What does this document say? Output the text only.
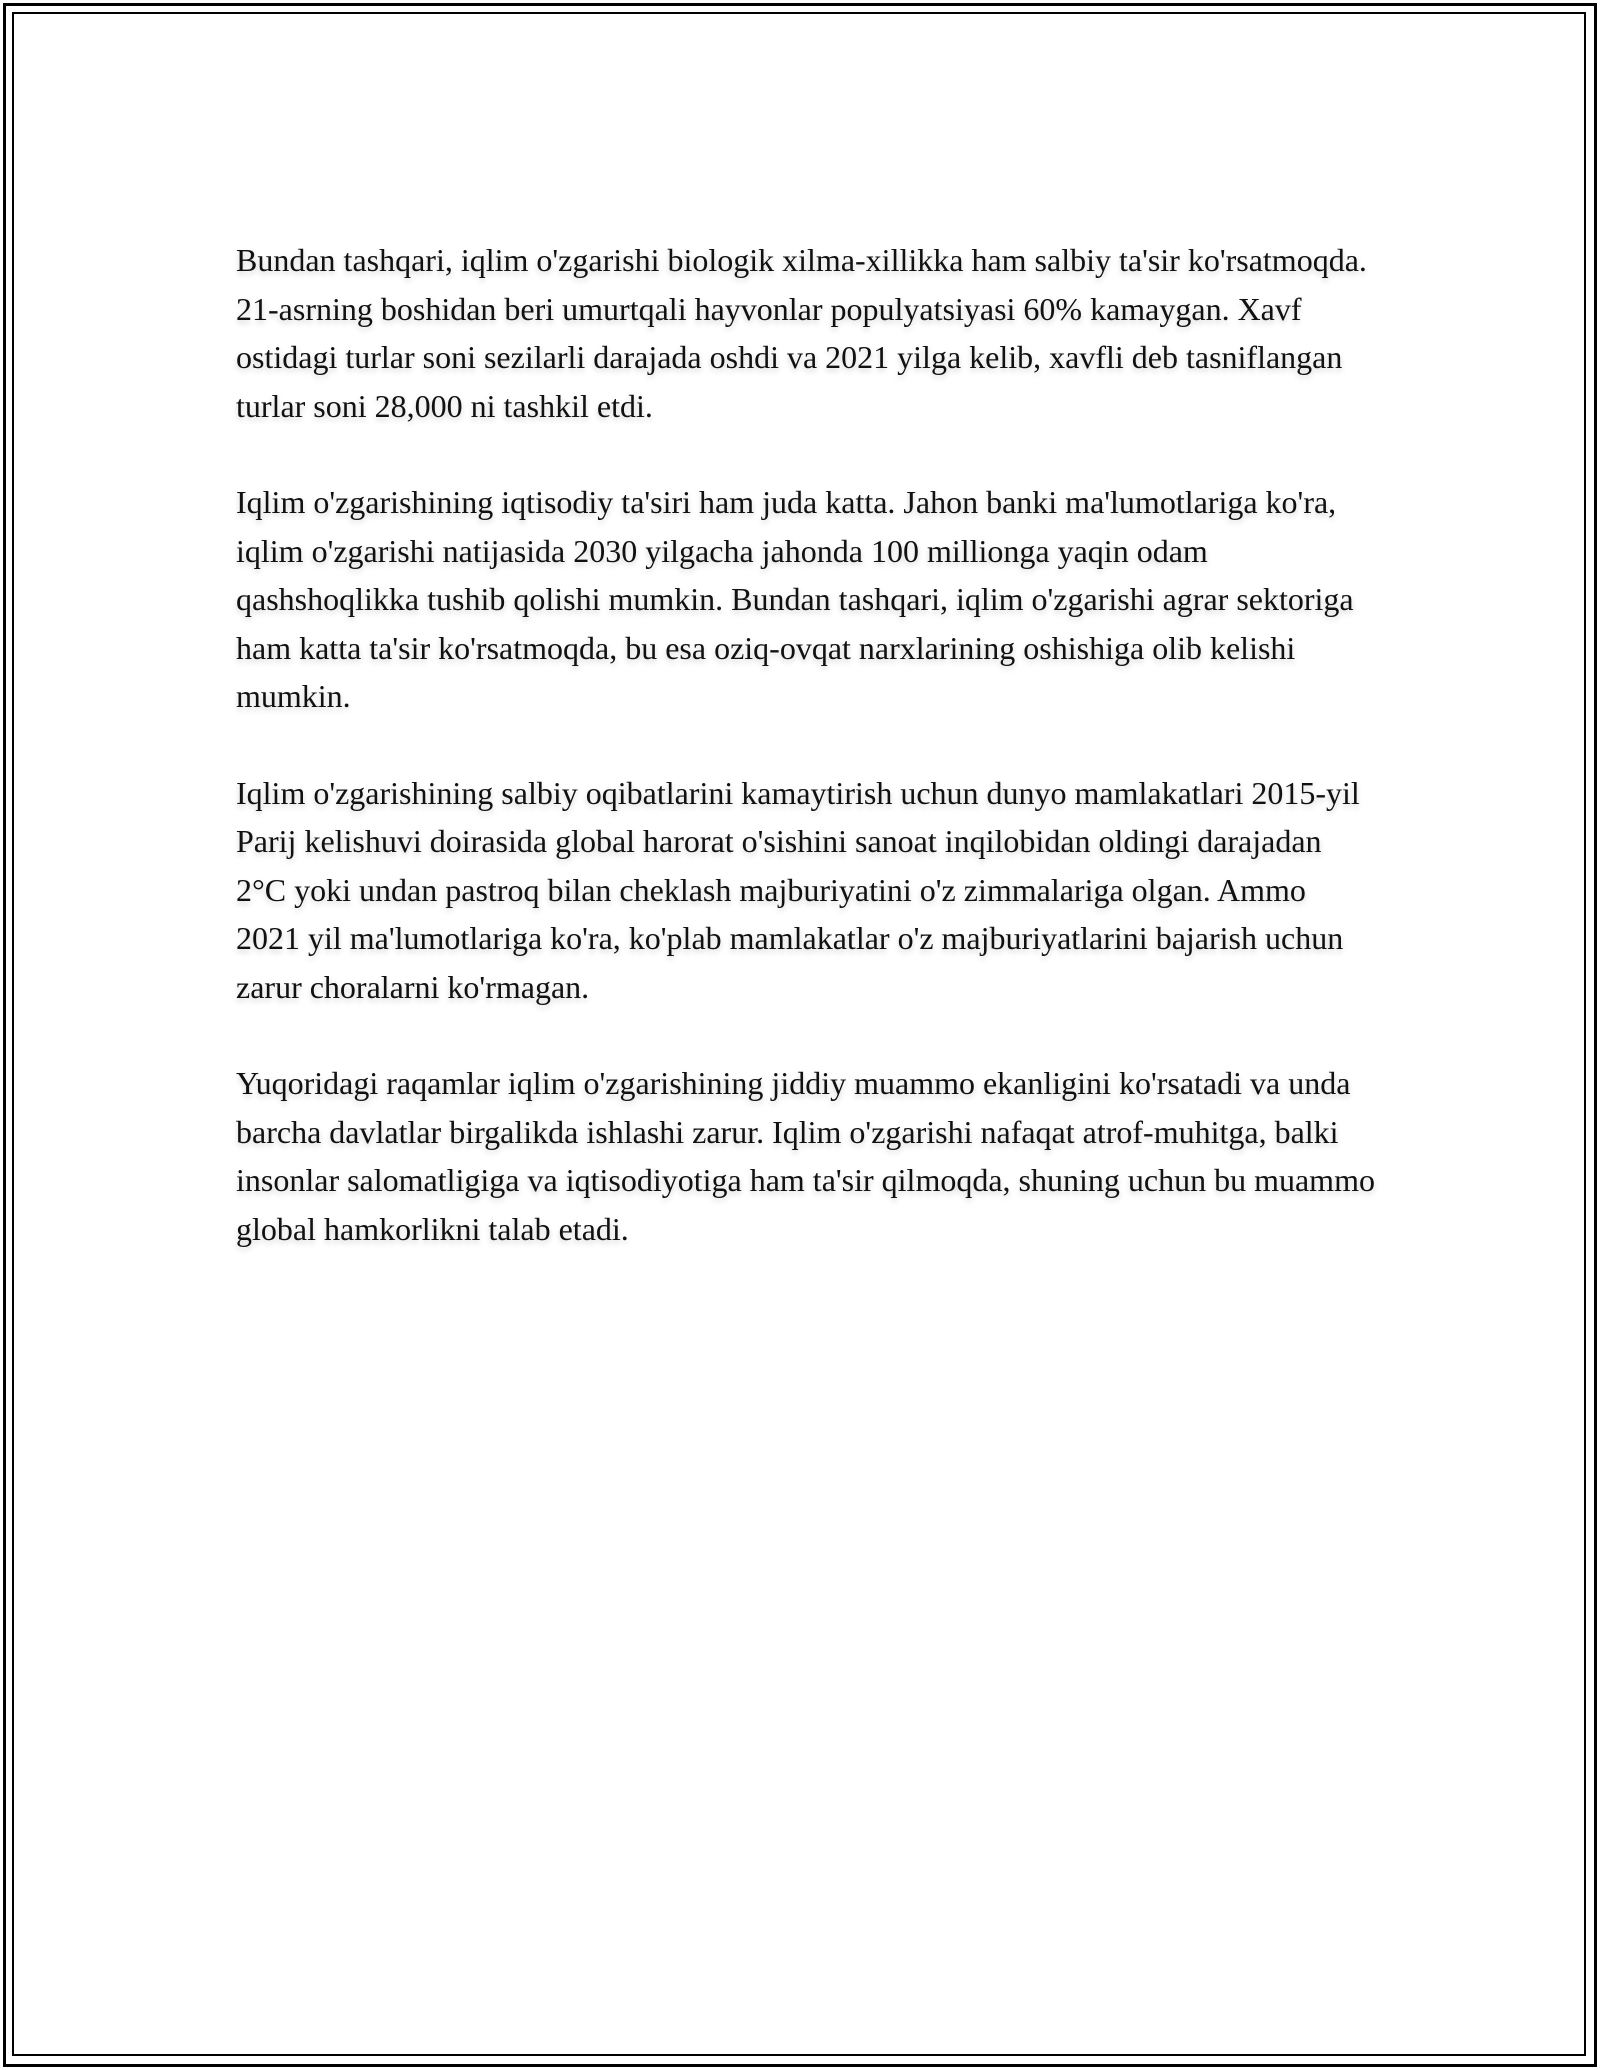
Bundan tashqari, iqlim o'zgarishi biologik xilma-xillikka ham salbiy ta'sir ko'rsatmoqda. 21-asrning boshidan beri umurtqali hayvonlar populyatsiyasi 60% kamaygan. Xavf ostidagi turlar soni sezilarli darajada oshdi va 2021 yilga kelib, xavfli deb tasniflangan turlar soni 28,000 ni tashkil etdi.

Iqlim o'zgarishining iqtisodiy ta'siri ham juda katta. Jahon banki ma'lumotlariga ko'ra, iqlim o'zgarishi natijasida 2030 yilgacha jahonda 100 millionga yaqin odam qashshoqlikka tushib qolishi mumkin. Bundan tashqari, iqlim o'zgarishi agrar sektoriga ham katta ta'sir ko'rsatmoqda, bu esa oziq-ovqat narxlarining oshishiga olib kelishi mumkin.

Iqlim o'zgarishining salbiy oqibatlarini kamaytirish uchun dunyo mamlakatlari 2015-yil Parij kelishuvi doirasida global harorat o'sishini sanoat inqilobidan oldingi darajadan 2°C yoki undan pastroq bilan cheklash majburiyatini o'z zimmalariga olgan. Ammo 2021 yil ma'lumotlariga ko'ra, ko'plab mamlakatlar o'z majburiyatlarini bajarish uchun zarur choralarni ko'rmagan.

Yuqoridagi raqamlar iqlim o'zgarishining jiddiy muammo ekanligini ko'rsatadi va unda barcha davlatlar birgalikda ishlashi zarur. Iqlim o'zgarishi nafaqat atrof-muhitga, balki insonlar salomatligiga va iqtisodiyotiga ham ta'sir qilmoqda, shuning uchun bu muammo global hamkorlikni talab etadi.
